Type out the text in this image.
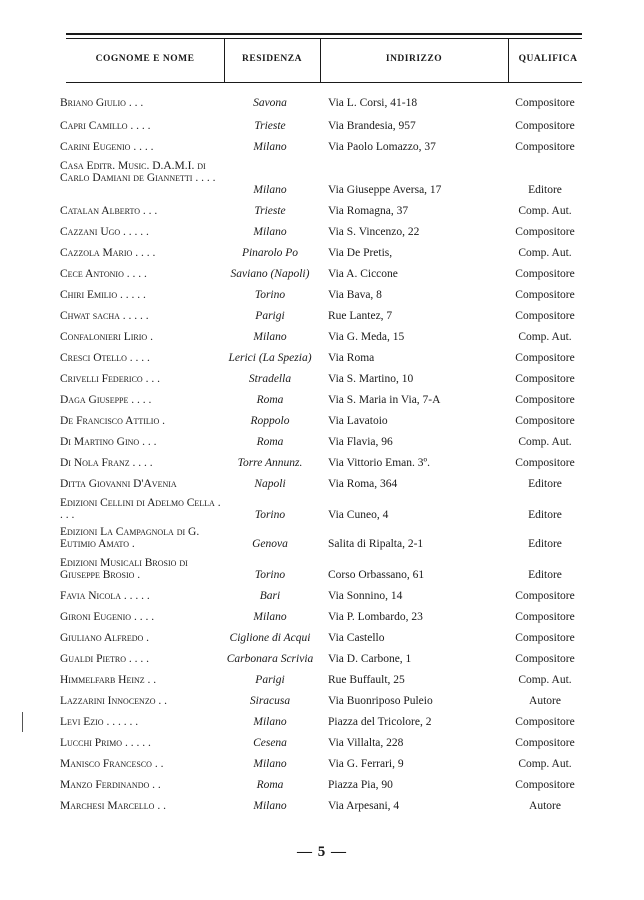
COGNOME E NOME	RESIDENZA	INDIRIZZO	QUALIFICA
Briano Giulio . . .	Savona	Via L. Corsi, 41-18	Compositore
Capri Camillo . . . .	Trieste	Via Brandesia, 957	Compositore
Carini Eugenio . . . .	Milano	Via Paolo Lomazzo, 37	Compositore
Casa Editr. Music. D.A.M.I. di Carlo Damiani de Giannetti . . . .
Milano	Via Giuseppe Aversa, 17	Editore
Catalan Alberto . . .	Trieste	Via Romagna, 37	Comp. Aut.
Cazzani Ugo . . . . .	Milano	Via S. Vincenzo, 22	Compositore
Cazzola Mario . . . .	Pinarolo Po	Via De Pretis,	Comp. Aut.
Cece Antonio . . . .	Saviano (Napoli)	Via A. Ciccone	Compositore
Chiri Emilio . . . . .	Torino	Via Bava, 8	Compositore
Chwat sacha . . . . .	Parigi	Rue Lantez, 7	Compositore
Confalonieri Lirio .	Milano	Via G. Meda, 15	Comp. Aut.
Cresci Otello . . . .	Lerici (La Spezia)	Via Roma	Compositore
Crivelli Federico . . .	Stradella	Via S. Martino, 10	Compositore
Daga Giuseppe . . . .	Roma	Via S. Maria in Via, 7-A	Compositore
De Francisco Attilio .	Roppolo	Via Lavatoio	Compositore
Di Martino Gino . . .	Roma	Via Flavia, 96	Comp. Aut.
Di Nola Franz . . . .	Torre Annunz.	Via Vittorio Eman. 3º.	Compositore
Ditta Giovanni D'Avenia	Napoli	Via Roma, 364	Editore
Edizioni Cellini di Adelmo Cella . . . .	Torino	Via Cuneo, 4	Editore
Edizioni La Campagnola di G. Eutimio Amato .	Genova	Salita di Ripalta, 2-1	Editore
Edizioni Musicali Brosio di Giuseppe Brosio .	Torino	Corso Orbassano, 61	Editore
Favia Nicola . . . . .	Bari	Via Sonnino, 14	Compositore
Gironi Eugenio . . . .	Milano	Via P. Lombardo, 23	Compositore
Giuliano Alfredo .	Ciglione di Acqui	Via Castello	Compositore
Gualdi Pietro . . . .	Carbonara Scrivia	Via D. Carbone, 1	Compositore
Himmelfarb Heinz . .	Parigi	Rue Buffault, 25	Comp. Aut.
Lazzarini Innocenzo . .	Siracusa	Via Buonriposo Puleio	Autore
Levi Ezio . . . . . .	Milano	Piazza del Tricolore, 2	Compositore
Lucchi Primo . . . . .	Cesena	Via Villalta, 228	Compositore
Manisco Francesco . .	Milano	Via G. Ferrari, 9	Comp. Aut.
Manzo Ferdinando . .	Roma	Piazza Pia, 90	Compositore
Marchesi Marcello . .	Milano	Via Arpesani, 4	Autore
— 5 —
